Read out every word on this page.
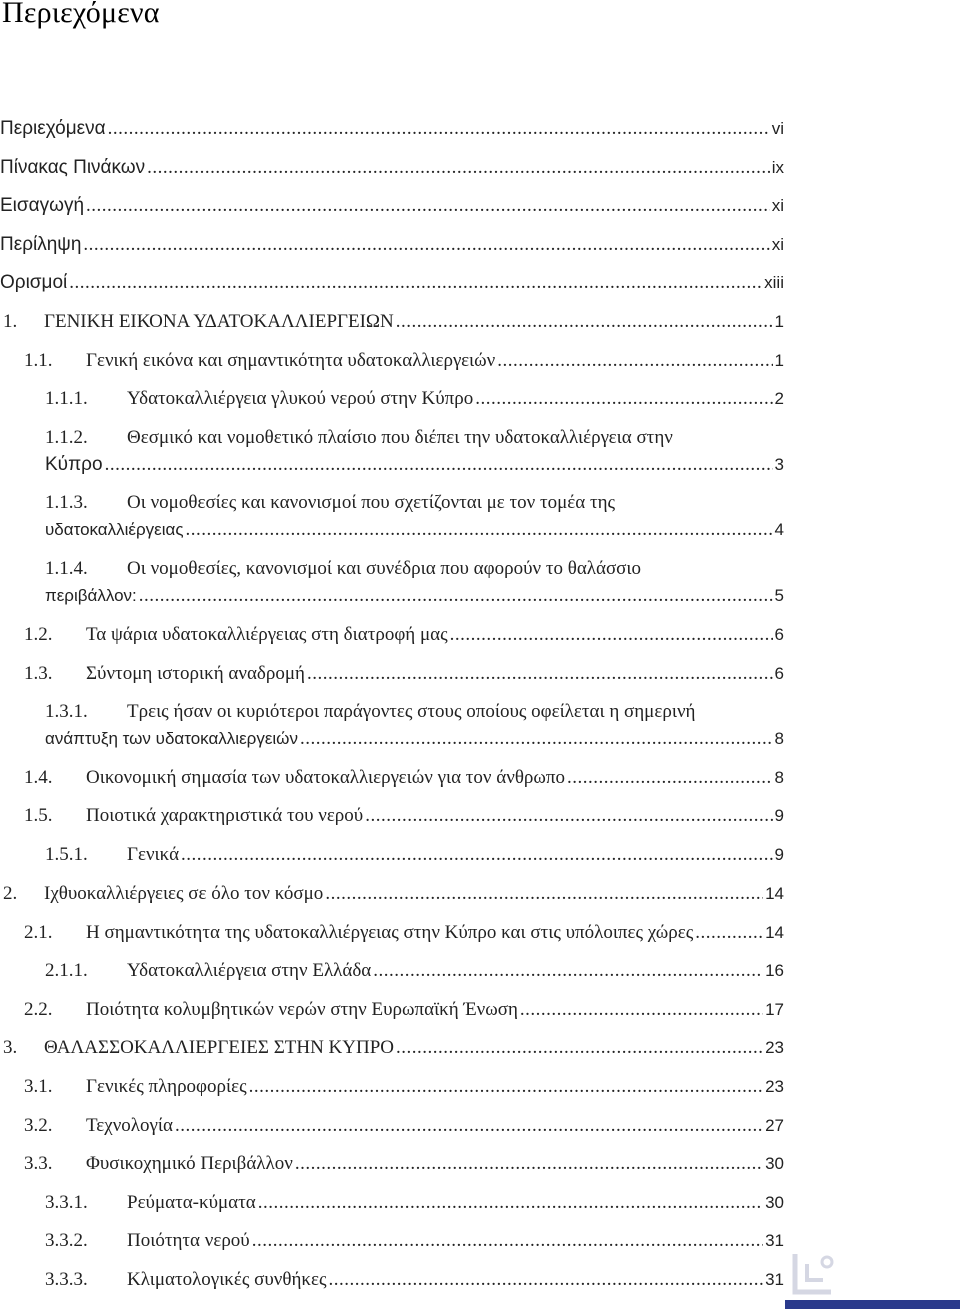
Περιεχόμενα
Περιεχόμενα .....	vi
Πίνακας Πινάκων .....	ix
Εισαγωγή .....	xi
Περίληψη .....	xi
Ορισμοί .....	xiii
1. ΓΕΝΙΚΗ ΕΙΚΟΝΑ ΥΔΑΤΟΚΑΛΛΙΕΡΓΕΙΩΝ .....	1
1.1. Γενική εικόνα και σημαντικότητα υδατοκαλλιεργειών .....	1
1.1.1. Υδατοκαλλιέργεια γλυκού νερού στην Κύπρο .....	2
1.1.2. Θεσμικό και νομοθετικό πλαίσιο που διέπει την υδατοκαλλιέργεια στην
Κύπρο .....	3
1.1.3. Οι νομοθεσίες και κανονισμοί που σχετίζονται με τον τομέα της
υδατοκαλλιέργειας .....	4
1.1.4. Οι νομοθεσίες, κανονισμοί και συνέδρια που αφορούν το θαλάσσιο
περιβάλλον: .....	5
1.2. Τα ψάρια υδατοκαλλιέργειας στη διατροφή μας .....	6
1.3. Σύντομη ιστορική αναδρομή .....	6
1.3.1. Τρεις ήσαν οι κυριότεροι παράγοντες στους οποίους οφείλεται η σημερινή
ανάπτυξη των υδατοκαλλιεργειών .....	8
1.4. Οικονομική σημασία των υδατοκαλλιεργειών για τον άνθρωπο .....	8
1.5. Ποιοτικά χαρακτηριστικά του νερού .....	9
1.5.1. Γενικά .....	9
2. Ιχθυοκαλλιέργειες σε όλο τον κόσμο .....	14
2.1. Η σημαντικότητα της υδατοκαλλιέργειας στην Κύπρο και στις υπόλοιπες χώρες .....	14
2.1.1. Υδατοκαλλιέργεια στην Ελλάδα .....	16
2.2. Ποιότητα κολυμβητικών νερών στην Ευρωπαϊκή Ένωση .....	17
3. ΘΑΛΑΣΣΟΚΑΛΛΙΕΡΓΕΙΕΣ ΣΤΗΝ ΚΥΠΡΟ .....	23
3.1. Γενικές πληροφορίες .....	23
3.2. Τεχνολογία .....	27
3.3. Φυσικοχημικό Περιβάλλον .....	30
3.3.1. Ρεύματα-κύματα .....	30
3.3.2. Ποιότητα νερού .....	31
3.3.3. Κλιματολογικές συνθήκες .....	31
